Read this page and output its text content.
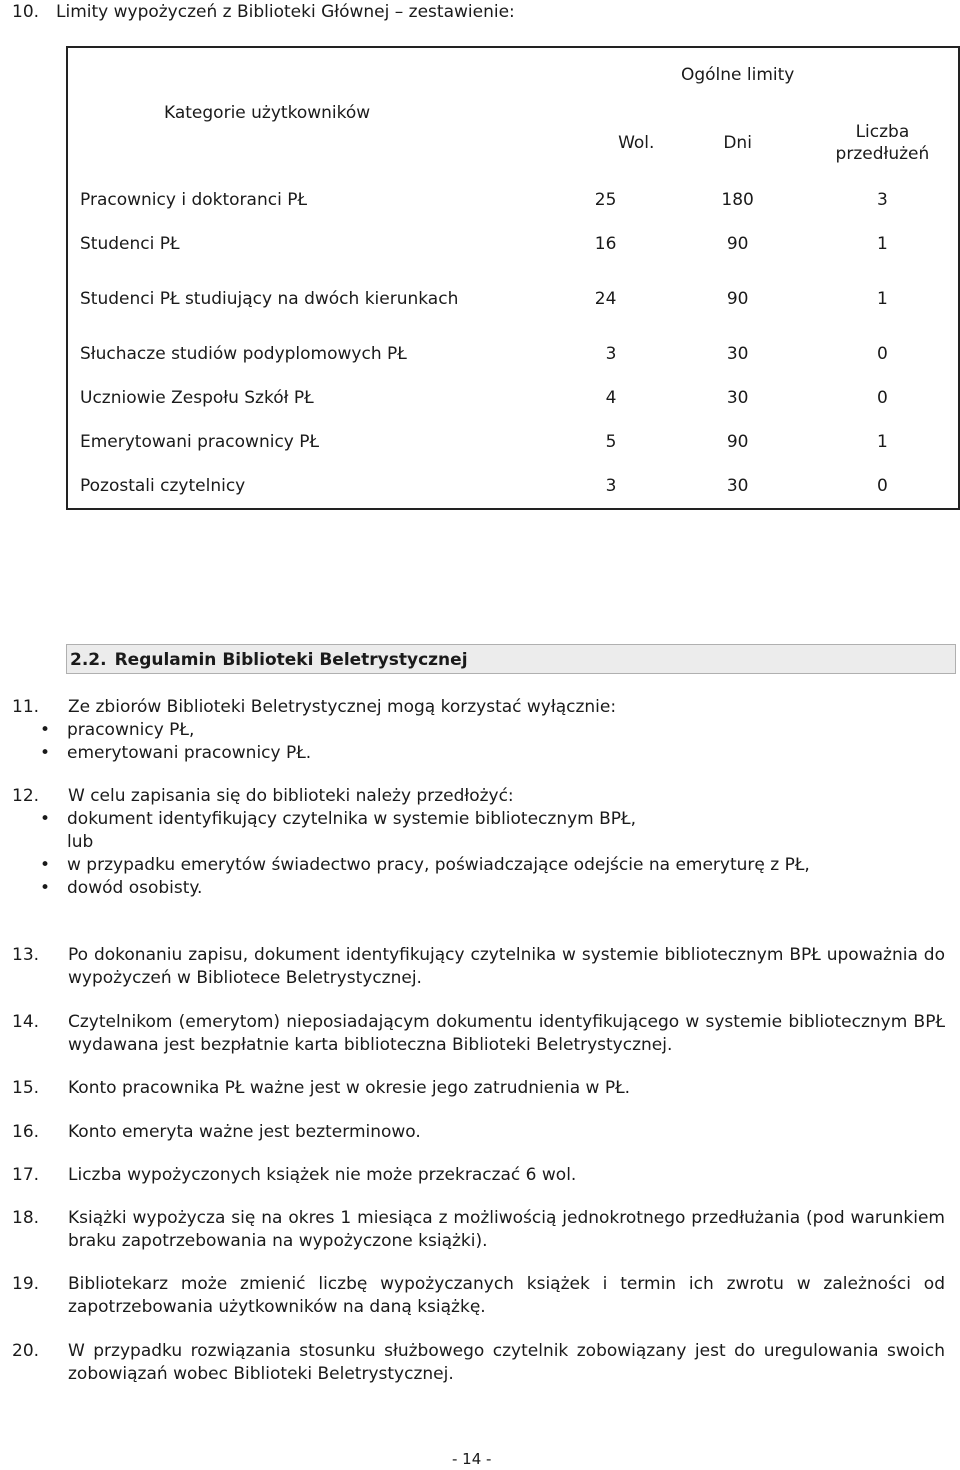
10. Limity wypożyczeń z Biblioteki Głównej – zestawienie:
Kategorie użytkowników		Ogólne limity	
	Wol.	Dni	Liczba przedłużeń
Pracownicy i doktoranci PŁ	25	180	3
Studenci PŁ	16	90	1
Studenci PŁ studiujący na dwóch kierunkach	24	90	1
Słuchacze studiów podyplomowych PŁ	3	30	0
Uczniowie Zespołu Szkół PŁ	4	30	0
Emerytowani pracownicy PŁ	5	90	1
Pozostali czytelnicy	3	30	0
2.2. Regulamin Biblioteki Beletrystycznej
11.	Ze zbiorów Biblioteki Beletrystycznej mogą korzystać wyłącznie:
• pracownicy PŁ,
• emerytowani pracownicy PŁ.
12.	W celu zapisania się do biblioteki należy przedłożyć:
• dokument identyfikujący czytelnika w systemie bibliotecznym BPŁ,
lub
• w przypadku emerytów świadectwo pracy, poświadczające odejście na emeryturę z PŁ,
• dowód osobisty.
13.	Po dokonaniu zapisu, dokument identyfikujący czytelnika w systemie bibliotecznym BPŁ upoważnia do wypożyczeń w Bibliotece Beletrystycznej.
14.	Czytelnikom (emerytom) nieposiadającym dokumentu identyfikującego w systemie bibliotecznym BPŁ wydawana jest bezpłatnie karta biblioteczna Biblioteki Beletrystycznej.
15.	Konto pracownika PŁ ważne jest w okresie jego zatrudnienia w PŁ.
16.	Konto emeryta ważne jest bezterminowo.
17.	Liczba wypożyczonych książek nie może przekraczać 6 wol.
18.	Książki wypożycza się na okres 1 miesiąca z możliwością jednokrotnego przedłużania (pod warunkiem braku zapotrzebowania na wypożyczone książki).
19.	Bibliotekarz może zmienić liczbę wypożyczanych książek i termin ich zwrotu w zależności od zapotrzebowania użytkowników na daną książkę.
20.	W przypadku rozwiązania stosunku służbowego czytelnik zobowiązany jest do uregulowania swoich zobowiązań wobec Biblioteki Beletrystycznej.
- 14 -
